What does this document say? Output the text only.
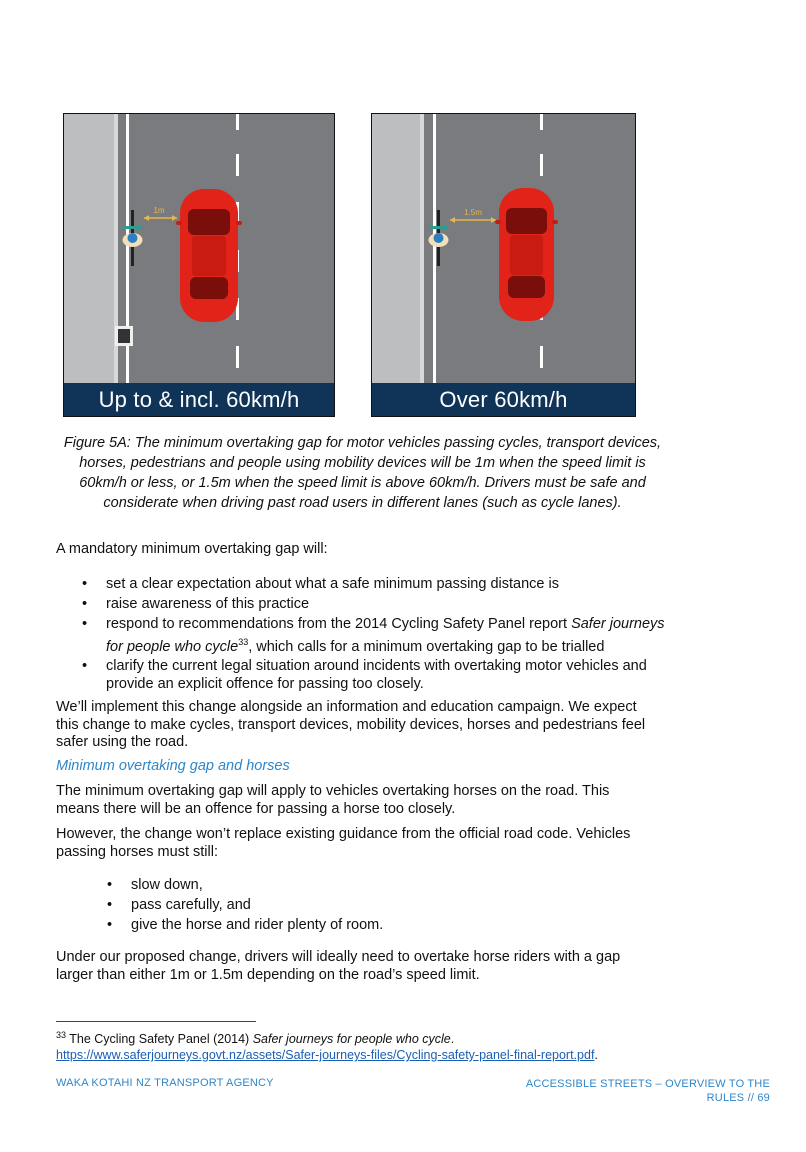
1m
Up to & incl. 60km/h
1.5m
Over 60km/h
Figure 5A: The minimum overtaking gap for motor vehicles passing cycles, transport devices, horses, pedestrians and people using mobility devices will be 1m when the speed limit is 60km/h or less, or 1.5m when the speed limit is above 60km/h. Drivers must be safe and considerate when driving past road users in different lanes (such as cycle lanes).
A mandatory minimum overtaking gap will:
• set a clear expectation about what a safe minimum passing distance is
• raise awareness of this practice
• respond to recommendations from the 2014 Cycling Safety Panel report Safer journeys for people who cycle$^{33}$, which calls for a minimum overtaking gap to be trialled
• clarify the current legal situation around incidents with overtaking motor vehicles and provide an explicit offence for passing too closely.
We’ll implement this change alongside an information and education campaign. We expect this change to make cycles, transport devices, mobility devices, horses and pedestrians feel safer using the road.
Minimum overtaking gap and horses
The minimum overtaking gap will apply to vehicles overtaking horses on the road. This means there will be an offence for passing a horse too closely.
However, the change won’t replace existing guidance from the official road code. Vehicles passing horses must still:
• slow down,
• pass carefully, and
• give the horse and rider plenty of room.
Under our proposed change, drivers will ideally need to overtake horse riders with a gap larger than either 1m or 1.5m depending on the road’s speed limit.
$^{33}$ The Cycling Safety Panel (2014) Safer journeys for people who cycle.
https://www.saferjourneys.govt.nz/assets/Safer-journeys-files/Cycling-safety-panel-final-report.pdf.
WAKA KOTAHI NZ TRANSPORT AGENCY	ACCESSIBLE STREETS – OVERVIEW TO THE
RULES // 69
